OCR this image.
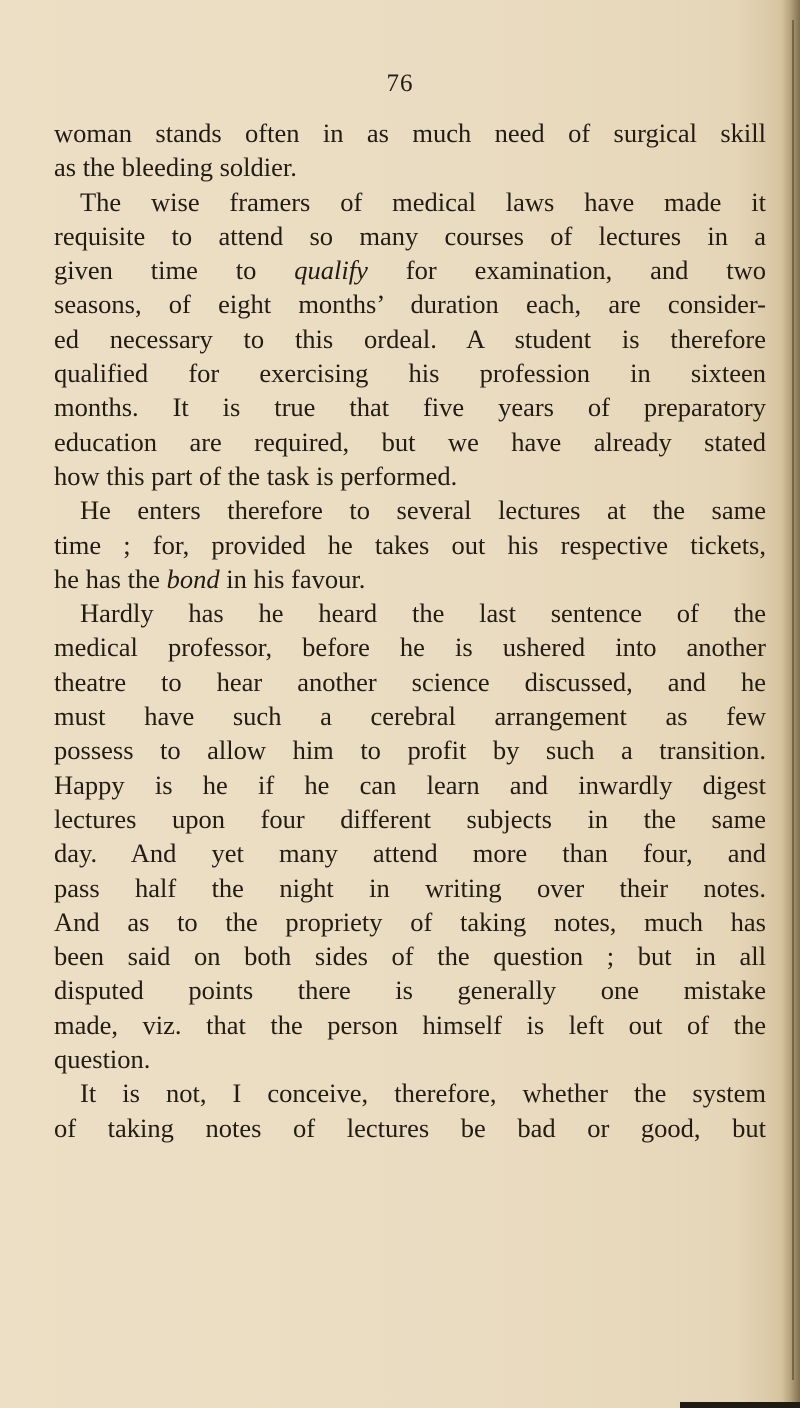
76
woman stands often in as much need of surgical skill
as the bleeding soldier.
The wise framers of medical laws have made it
requisite to attend so many courses of lectures in a
given time to qualify for examination, and two
seasons, of eight months’ duration each, are consider-
ed necessary to this ordeal. A student is therefore
qualified for exercising his profession in sixteen
months. It is true that five years of preparatory
education are required, but we have already stated
how this part of the task is performed.
He enters therefore to several lectures at the same
time ; for, provided he takes out his respective tickets,
he has the bond in his favour.
Hardly has he heard the last sentence of the
medical professor, before he is ushered into another
theatre to hear another science discussed, and he
must have such a cerebral arrangement as few
possess to allow him to profit by such a transition.
Happy is he if he can learn and inwardly digest
lectures upon four different subjects in the same
day. And yet many attend more than four, and
pass half the night in writing over their notes.
And as to the propriety of taking notes, much has
been said on both sides of the question ; but in all
disputed points there is generally one mistake
made, viz. that the person himself is left out of the
question.
It is not, I conceive, therefore, whether the system
of taking notes of lectures be bad or good, but
